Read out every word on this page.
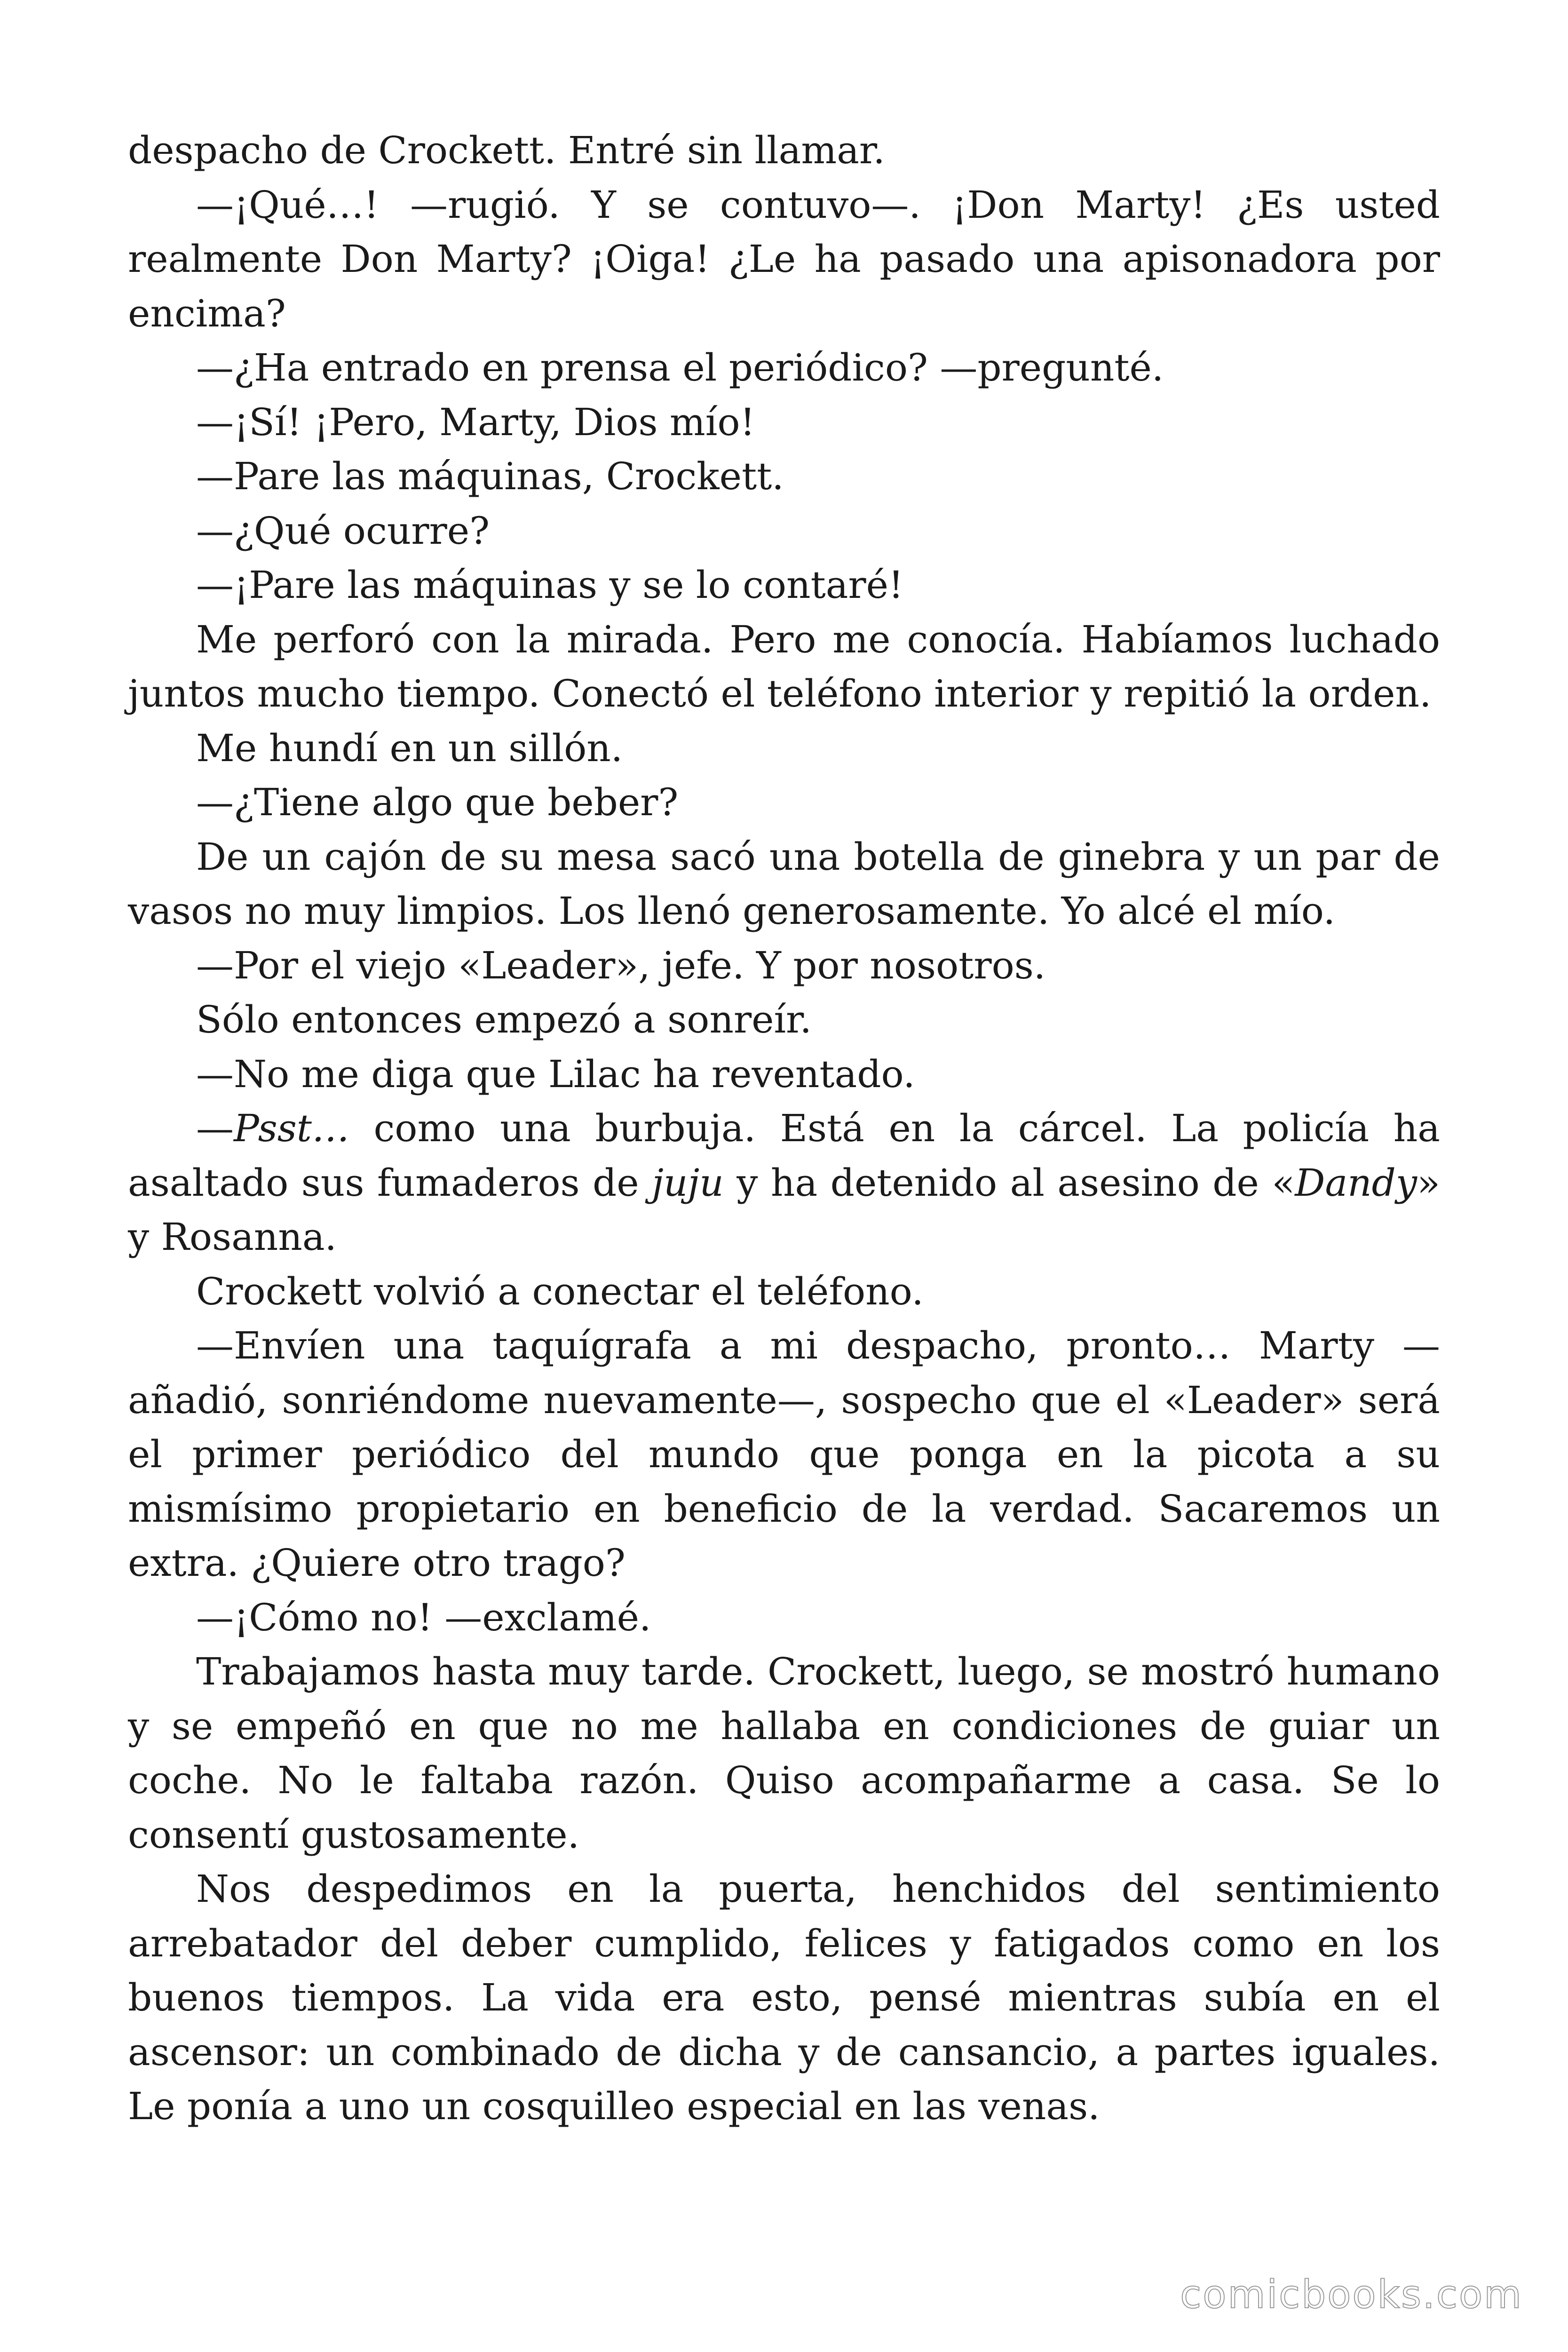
despacho de Crockett. Entré sin llamar.

—¡Qué…! —rugió. Y se contuvo—. ¡Don Marty! ¿Es usted realmente Don Marty? ¡Oiga! ¿Le ha pasado una apisonadora por encima?

—¿Ha entrado en prensa el periódico? —pregunté.

—¡Sí! ¡Pero, Marty, Dios mío!

—Pare las máquinas, Crockett.

—¿Qué ocurre?

—¡Pare las máquinas y se lo contaré!

Me perforó con la mirada. Pero me conocía. Habíamos luchado juntos mucho tiempo. Conectó el teléfono interior y repitió la orden.

Me hundí en un sillón.

—¿Tiene algo que beber?

De un cajón de su mesa sacó una botella de ginebra y un par de vasos no muy limpios. Los llenó generosamente. Yo alcé el mío.

—Por el viejo «Leader», jefe. Y por nosotros.

Sólo entonces empezó a sonreír.

—No me diga que Lilac ha reventado.

—Psst… como una burbuja. Está en la cárcel. La policía ha asaltado sus fumaderos de juju y ha detenido al asesino de «Dandy» y Rosanna.

Crockett volvió a conectar el teléfono.

—Envíen una taquígrafa a mi despacho, pronto… Marty —añadió, sonriéndome nuevamente—, sospecho que el «Leader» será el primer periódico del mundo que ponga en la picota a su mismísimo propietario en beneficio de la verdad. Sacaremos un extra. ¿Quiere otro trago?

—¡Cómo no! —exclamé.

Trabajamos hasta muy tarde. Crockett, luego, se mostró humano y se empeñó en que no me hallaba en condiciones de guiar un coche. No le faltaba razón. Quiso acompañarme a casa. Se lo consentí gustosamente.

Nos despedimos en la puerta, henchidos del sentimiento arrebatador del deber cumplido, felices y fatigados como en los buenos tiempos. La vida era esto, pensé mientras subía en el ascensor: un combinado de dicha y de cansancio, a partes iguales. Le ponía a uno un cosquilleo especial en las venas.

comicbooks.com
